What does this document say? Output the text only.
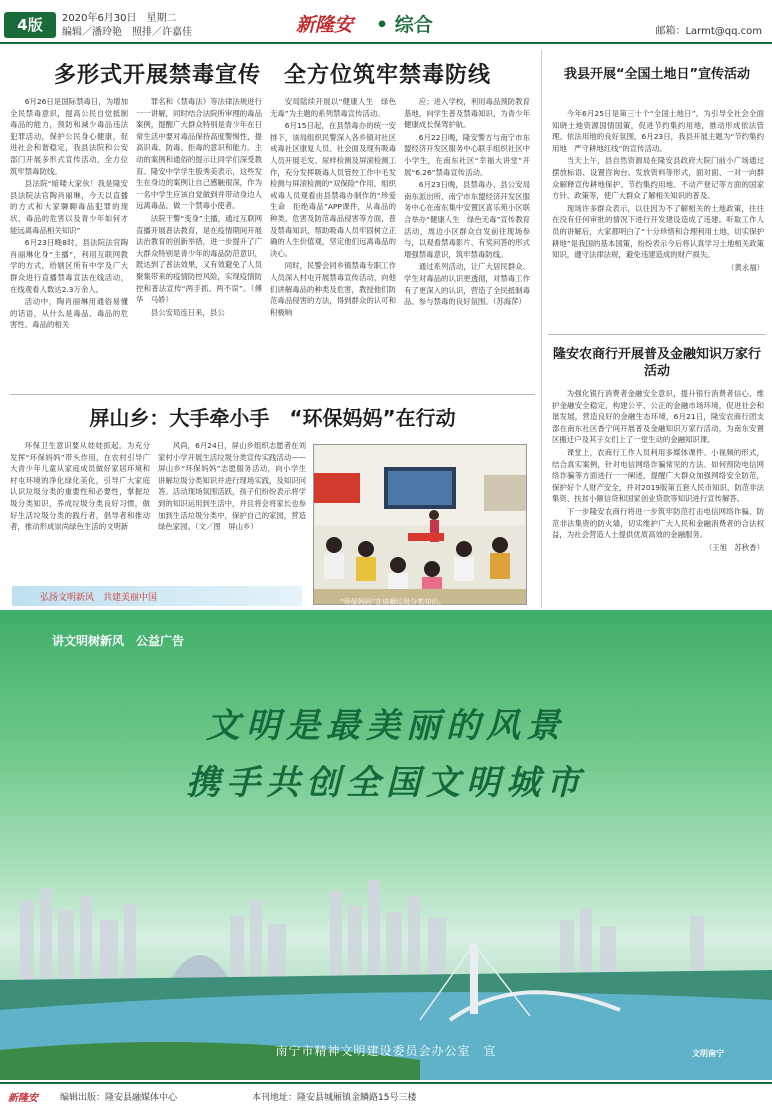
4版	2020年6月30日　星期二
编辑／潘玲艳　照排／许嘉佳	新隆安 • 综合	邮箱：Larmt@qq.com
多形式开展禁毒宣传　全方位筑牢禁毒防线

6月26日是国际禁毒日，为增加全民禁毒意识，提高公民自觉抵制毒品的能力，预防和减少毒品违法犯罪活动，保护公民身心健康，促进社会和谐稳定，我县法院和公安部门开展多形式宣传活动，全方位筑牢禁毒防线。

县法院“暗喽大家伙！我是隆安县法院法官陶肖丽琳，今天以直播的方式和大家聊聊毒品犯罪的现状、毒品的危害以及青少年如何才能远离毒品相关知识”

6月23日晚8时，县法院法官陶肖丽琳化身“主播”，利用互联网教学的方式，给辖区所有中学及广大群众进行直播禁毒宣法在线活动，在线观看人数达2.3万余人。

活动中，陶肖丽琳用通俗易懂的话语，从什么是毒品、毒品的危害性、毒品的相关

罪名和《禁毒法》等法律法规进行一一讲解，同时结合法院所审理的毒品案例，提醒广大群众特别是青少年在日常生活中要对毒品保持高度警惕性，提高识毒、防毒、拒毒的意识和能力。主动的案例和通俗的提示让同学们深受教育。隆安中学学生殷秀美表示，这些发生在身边的案例让自己感触很深，作为一名中学生应该自觉做到并带动身边人远离毒品，做一个禁毒小使者。

法院干警“变身”主播，通过互联网直播开展普法教育，是在疫情期间开展法治教育的创新举措，进一步提升了广大群众特别是青少年的毒品防范意识，既达到了普法效果，又有效避免了人员聚集带来的疫情防控风险，实现疫情防控和普法宣传“两手抓、两不误”。（傅华　马娇）

县公安局连日来，县公

安局陆续开展以“健康人生　绿色无毒”为主题的系列禁毒宣传活动。

6月15日起，在县禁毒办的统一安排下，该局组织民警深入各乡镇对社区戒毒社区康复人员、社会面及现有吸毒人员开展毛发、尿样检测及屏滚检测工作，充分发挥吸毒人员管控工作中毛发检测与屏滚检测的“双保险”作用，组织戒毒人员观看由县禁毒办制作的“珍爱生命　拒绝毒品”APP课件，从毒品的种类、危害及防范毒品侵害等方面，普及禁毒知识，帮助吸毒人员牢固树立正确的人生价值观，坚定他们远离毒品的决心。

同时，民警会同乡镇禁毒专职工作人员深入村屯开展禁毒宣传活动，向他们讲解毒品的种类及危害，教授他们防范毒品侵害的方法，得到群众的认可和积极响

应；进入学校，利用毒品预防教育基地，向学生普及禁毒知识，为青少年健康成长保驾护航。

6月22日晚，隆安警方与南宁市东盟经济开发区服务中心联手组织社区中小学生，在南东社区“幸福大讲堂”开展“6.26”禁毒宣传活动。

6月23日晚，县禁毒办、县公安局南东派出所、南宁市东盟经济开发区服务中心在南东集中安置区喜乐苑小区联合举办“健康人生　绿色无毒”宣传教育活动，周边小区群众自发前往现场参与，以观看禁毒影片、有奖问答的形式增强禁毒意识，筑牢禁毒防线。

通过系列活动，让广大居民群众、学生对毒品的认识更透彻，对禁毒工作有了更深入的认识，营造了全民抵制毒品、参与禁毒的良好氛围。（苏海萍）

我县开展“全国土地日”宣传活动

今年6月25日是第三十个“全国土地日”。为引导全社会全面知晓土地资源国情国策，促进节约集约用地，推动形成依法管理、依法用地的良好氛围，6月23日，我县开展主题为“节约集约用地　严守耕地红线”的宣传活动。

当天上午，县自然资源局在隆安县政府大院门前小广场通过摆放标语、设置咨询台、发放资料等形式，面对面、一对一向群众解释宣传耕地保护、节约集约用地、不动产登记等方面的国家方针、政策等，使广大群众了解相关知识的普及。

现场许多群众表示，以往因为不了解相关的土地政策，往往在没有任何审批的情况下进行开发建设造成了违建。听取工作人员的讲解后，大家都明白了“十分珍惜和合理利用土地，切实保护耕地”是我国的基本国策，纷纷表示今后将认真学习土地相关政策知识，遵守法律法规，避免违建造成的财产损失。

（黄永福）
隆安农商行开展普及金融知识万家行活动

为强化银行消费者金融安全意识，提升银行消费者信心，维护金融安全稳定，构建公平、公正的金融市场环境，促进社会和谐发展，营造良好的金融生态环境，6月21日，隆安农商行团支部在南东社区香宁间开展普及金融知识万家行活动，为南东安置区搬迁户及其子女们上了一堂生动的金融知识课。

课堂上，农商行工作人员利用多媒体课件、小视频的形式，结合真实案例，针对电信网络诈骗常见的方法、如何预防电信网络诈骗等方面进行一一阐述，提醒广大群众加强网络安全防范，保护好个人财产安全，并对2019版第五套人民币知识、防范非法集资、扶贫小额信贷和国家创业贷款等知识进行宣传解答。

下一步隆安农商行将进一步筑牢防范打击电信网络诈骗、防范非法集资的防火墙，切实维护广大人民和金融消费者的合法权益，为社会营造人士提供优质高效的金融服务。

（王旭　苏秋香）
屏山乡：大手牵小手　“环保妈妈”在行动

环保卫生意识要从娃娃抓起。为充分发挥“环保妈妈”带头作用，在农村引导广大青少年儿童从家庭成员做好家居环境和村屯环境的净化绿化美化，引导广大家庭认识垃圾分类的重要性和必要性，掌握垃圾分类知识，养成垃圾分类良好习惯，做好生活垃圾分类的践行者，倡导者和推动者，推动形成崇尚绿色生活的文明新

风尚，6月24日，屏山乡组织志愿者在刘家村小学开展生活垃圾分类宣传实践活动——屏山乡“环保妈妈”志愿服务活动，向小学生讲解垃圾分类知识并进行现场实践，及知识问答。活动现场氛围活跃，孩子们纷纷表示将学到的知识运用到生活中，并且将会将家长也参加到生活垃圾分类中，保护自己的家园，营造绿色家园。（文／图　屏山乡）

弘扬文明新风　共建美丽中国	“环保妈妈”在讲解垃圾分类知识。
讲文明树新风　公益广告
文明是最美丽的风景
携手共创全国文明城市
南宁市精神文明建设委员会办公室　宣	文明南宁
新隆安 编辑出版：隆安县融媒体中心	本刊地址：隆安县城厢镇金鳞路15号三楼
